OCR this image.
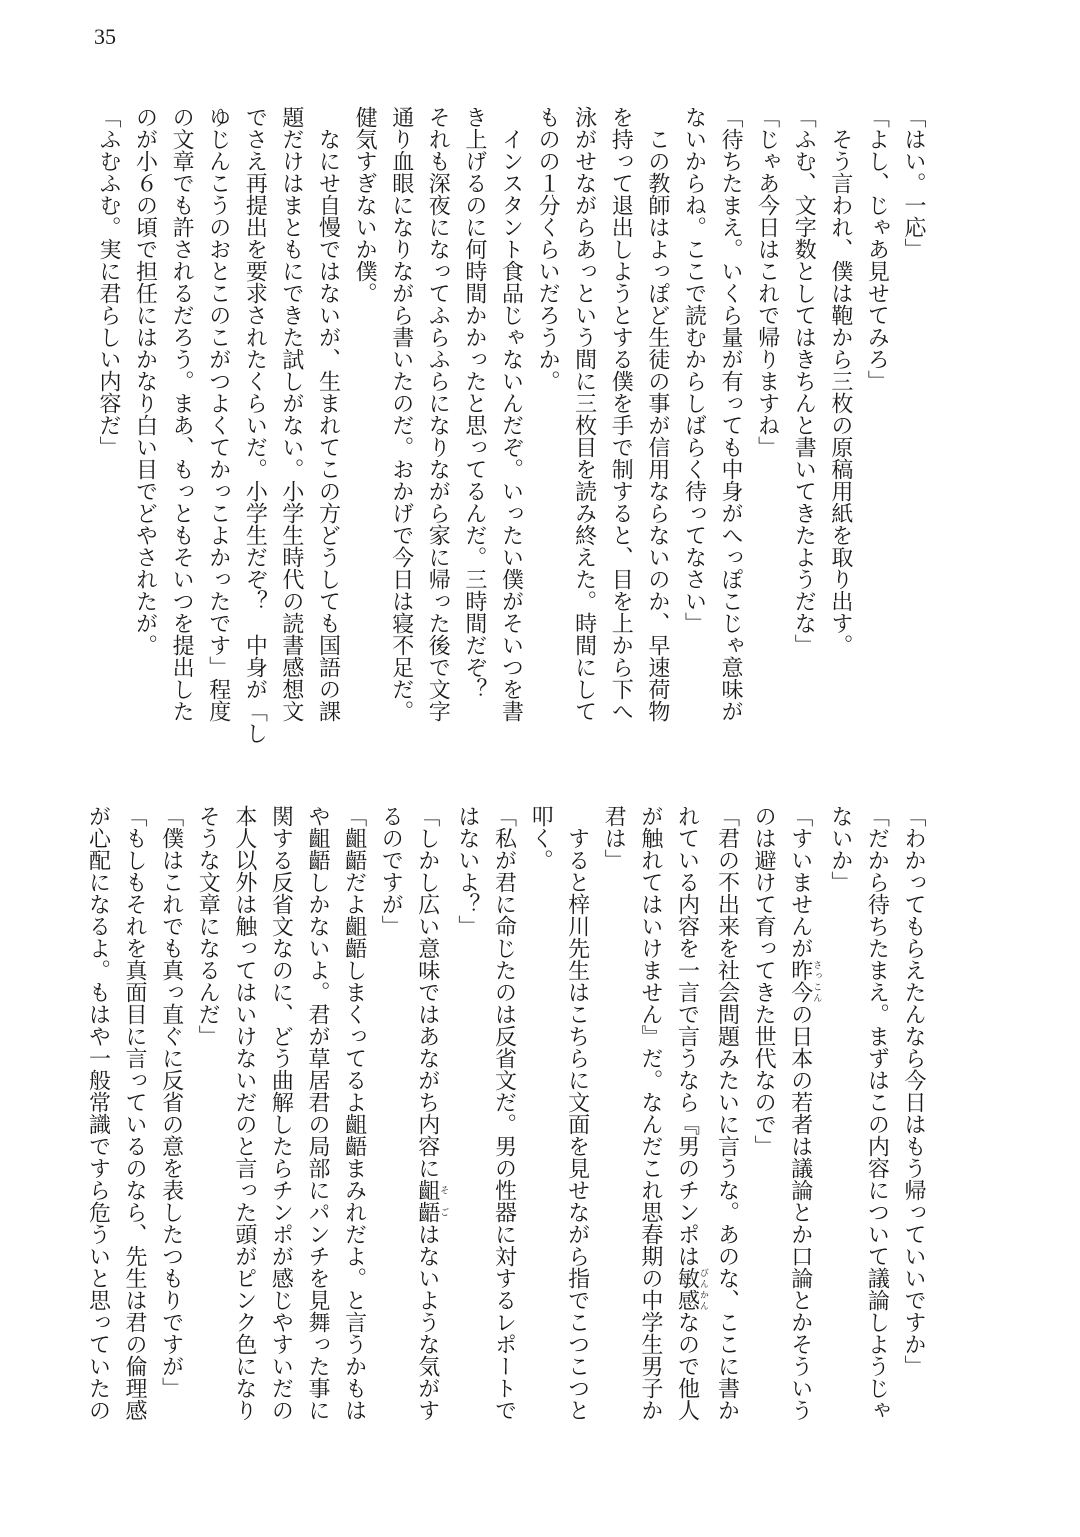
35
「はい。一応」
「よし、じゃあ見せてみろ」
　そう言われ、僕は鞄から三枚の原稿用紙を取り出す。
「ふむ、文字数としてはきちんと書いてきたようだな」
「じゃあ今日はこれで帰りますね」
「待ちたまえ。いくら量が有っても中身がへっぽこじゃ意味が
ないからね。ここで読むからしばらく待ってなさい」
　この教師はよっぽど生徒の事が信用ならないのか、早速荷物
を持って退出しようとする僕を手で制すると、目を上から下へ
泳がせながらあっという間に三枚目を読み終えた。時間にして
ものの１分くらいだろうか。
　インスタント食品じゃないんだぞ。いったい僕がそいつを書
き上げるのに何時間かかったと思ってるんだ。三時間だぞ？
それも深夜になってふらふらになりながら家に帰った後で文字
通り血眼になりながら書いたのだ。おかげで今日は寝不足だ。
健気すぎないか僕。
　なにせ自慢ではないが、生まれてこの方どうしても国語の課
題だけはまともにできた試しがない。小学生時代の読書感想文
でさえ再提出を要求されたくらいだ。小学生だぞ？　中身が「し
ゆじんこうのおとこのこがつよくてかっこよかったです」程度
の文章でも許されるだろう。まあ、もっともそいつを提出した
のが小６の頃で担任にはかなり白い目でどやされたが。
「ふむふむ。実に君らしい内容だ」
「わかってもらえたんなら今日はもう帰っていいですか」
「だから待ちたまえ。まずはこの内容について議論しようじゃ
ないか」
「すいませんが昨今さっこんの日本の若者は議論とか口論とかそういう
のは避けて育ってきた世代なので」
「君の不出来を社会問題みたいに言うな。あのな、ここに書か
れている内容を一言で言うなら『男のチンポは敏感びんかんなので他人
が触れてはいけません』だ。なんだこれ思春期の中学生男子か
君は」
　すると梓川先生はこちらに文面を見せながら指でこつこつと
叩く。
「私が君に命じたのは反省文だ。男の性器に対するレポートで
はないよ？」
「しかし広い意味ではあながち内容に齟齬そごはないような気がす
るのですが」
「齟齬だよ齟齬しまくってるよ齟齬まみれだよ。と言うかもは
や齟齬しかないよ。君が草居君の局部にパンチを見舞った事に
関する反省文なのに、どう曲解したらチンポが感じやすいだの
本人以外は触ってはいけないだのと言った頭がピンク色になり
そうな文章になるんだ」
「僕はこれでも真っ直ぐに反省の意を表したつもりですが」
「もしもそれを真面目に言っているのなら、先生は君の倫理感
が心配になるよ。もはや一般常識ですら危ういと思っていたの
